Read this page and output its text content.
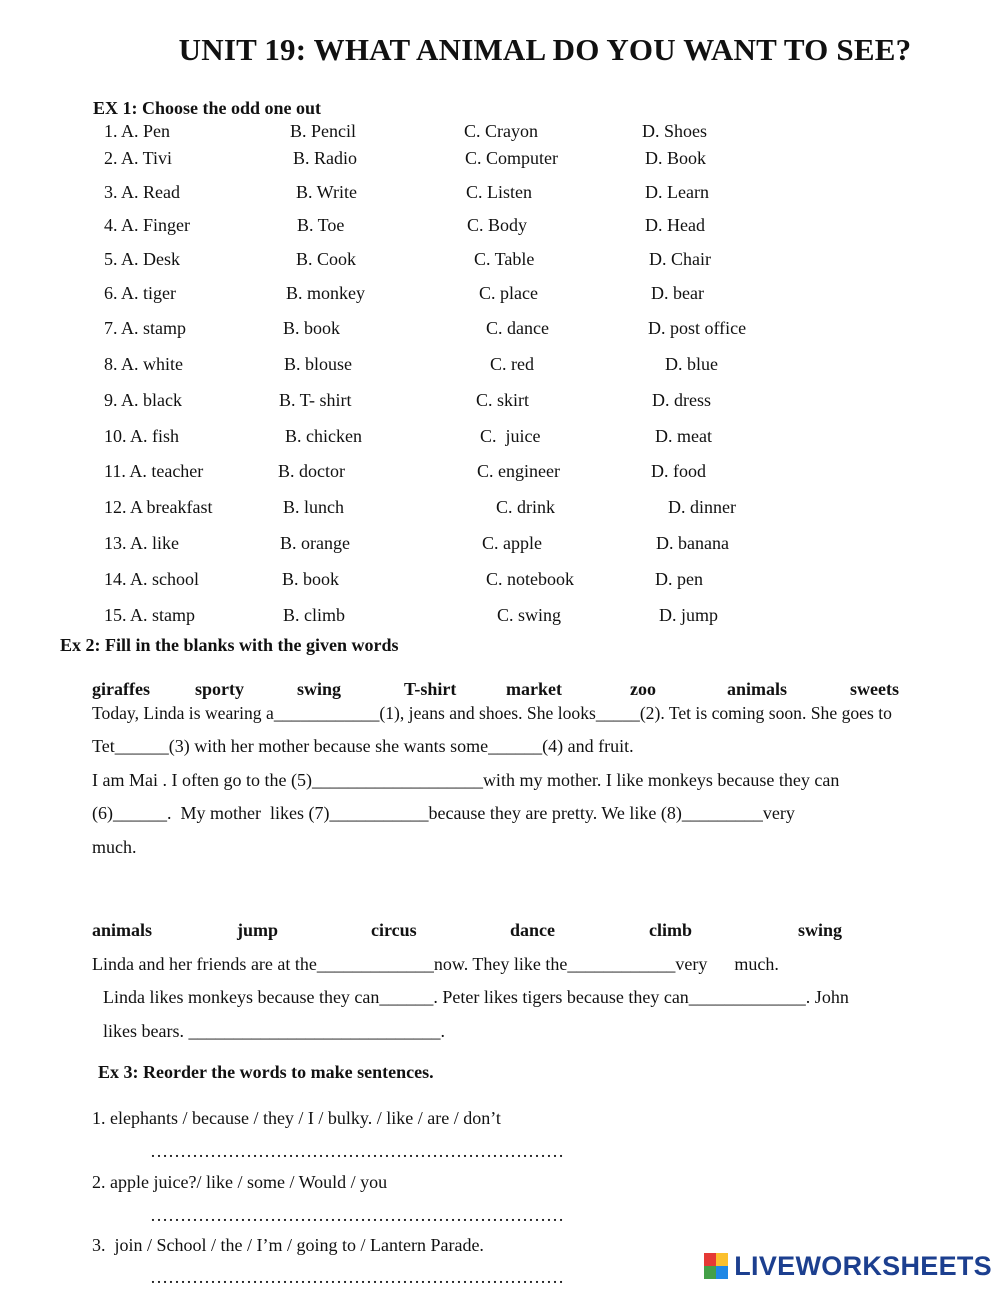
UNIT 19: WHAT ANIMAL DO YOU WANT TO SEE?
EX 1: Choose the odd one out
1. A. Pen	B. Pencil	C. Crayon	D. Shoes
2. A. Tivi	B. Radio	C. Computer	D. Book
3. A. Read	B. Write	C. Listen	D. Learn
4. A. Finger	B. Toe	C. Body	D. Head
5. A. Desk	B. Cook	C. Table	D. Chair
6. A. tiger	B. monkey	C. place	D. bear
7. A. stamp	B. book	C. dance	D. post office
8. A. white	B. blouse	C. red	D. blue
9. A. black	B. T- shirt	C. skirt	D. dress
10. A. fish	B. chicken	C.  juice	D. meat
11. A. teacher	B. doctor	C. engineer	D. food
12. A breakfast	B. lunch	C. drink	D. dinner
13. A. like	B. orange	C. apple	D. banana
14. A. school	B. book	C. notebook	D. pen
15. A. stamp	B. climb	C. swing	D. jump
Ex 2: Fill in the blanks with the given words
giraffes	sporty	swing	T-shirt	market	zoo	animals	sweets
Today, Linda is wearing a____________(1), jeans and shoes. She looks_____(2). Tet is coming soon. She goes to
Tet______(3) with her mother because she wants some______(4) and fruit.
I am Mai . I often go to the (5)___________________with my mother. I like monkeys because they can
(6)______.  My mother  likes (7)___________because they are pretty. We like (8)_________very
much.
animals	jump	circus	dance	climb	swing
Linda and her friends are at the_____________now. They like the____________very      much.
Linda likes monkeys because they can______. Peter likes tigers because they can_____________. John
likes bears. ____________________________.
Ex 3: Reorder the words to make sentences.
1. elephants / because / they / I / bulky. / like / are / don’t
……………………………………………………………
2. apple juice?/ like / some / Would / you
……………………………………………………………
3.  join / School / the / I’m / going to / Lantern Parade.
……………………………………………………………	LIVEWORKSHEETS
